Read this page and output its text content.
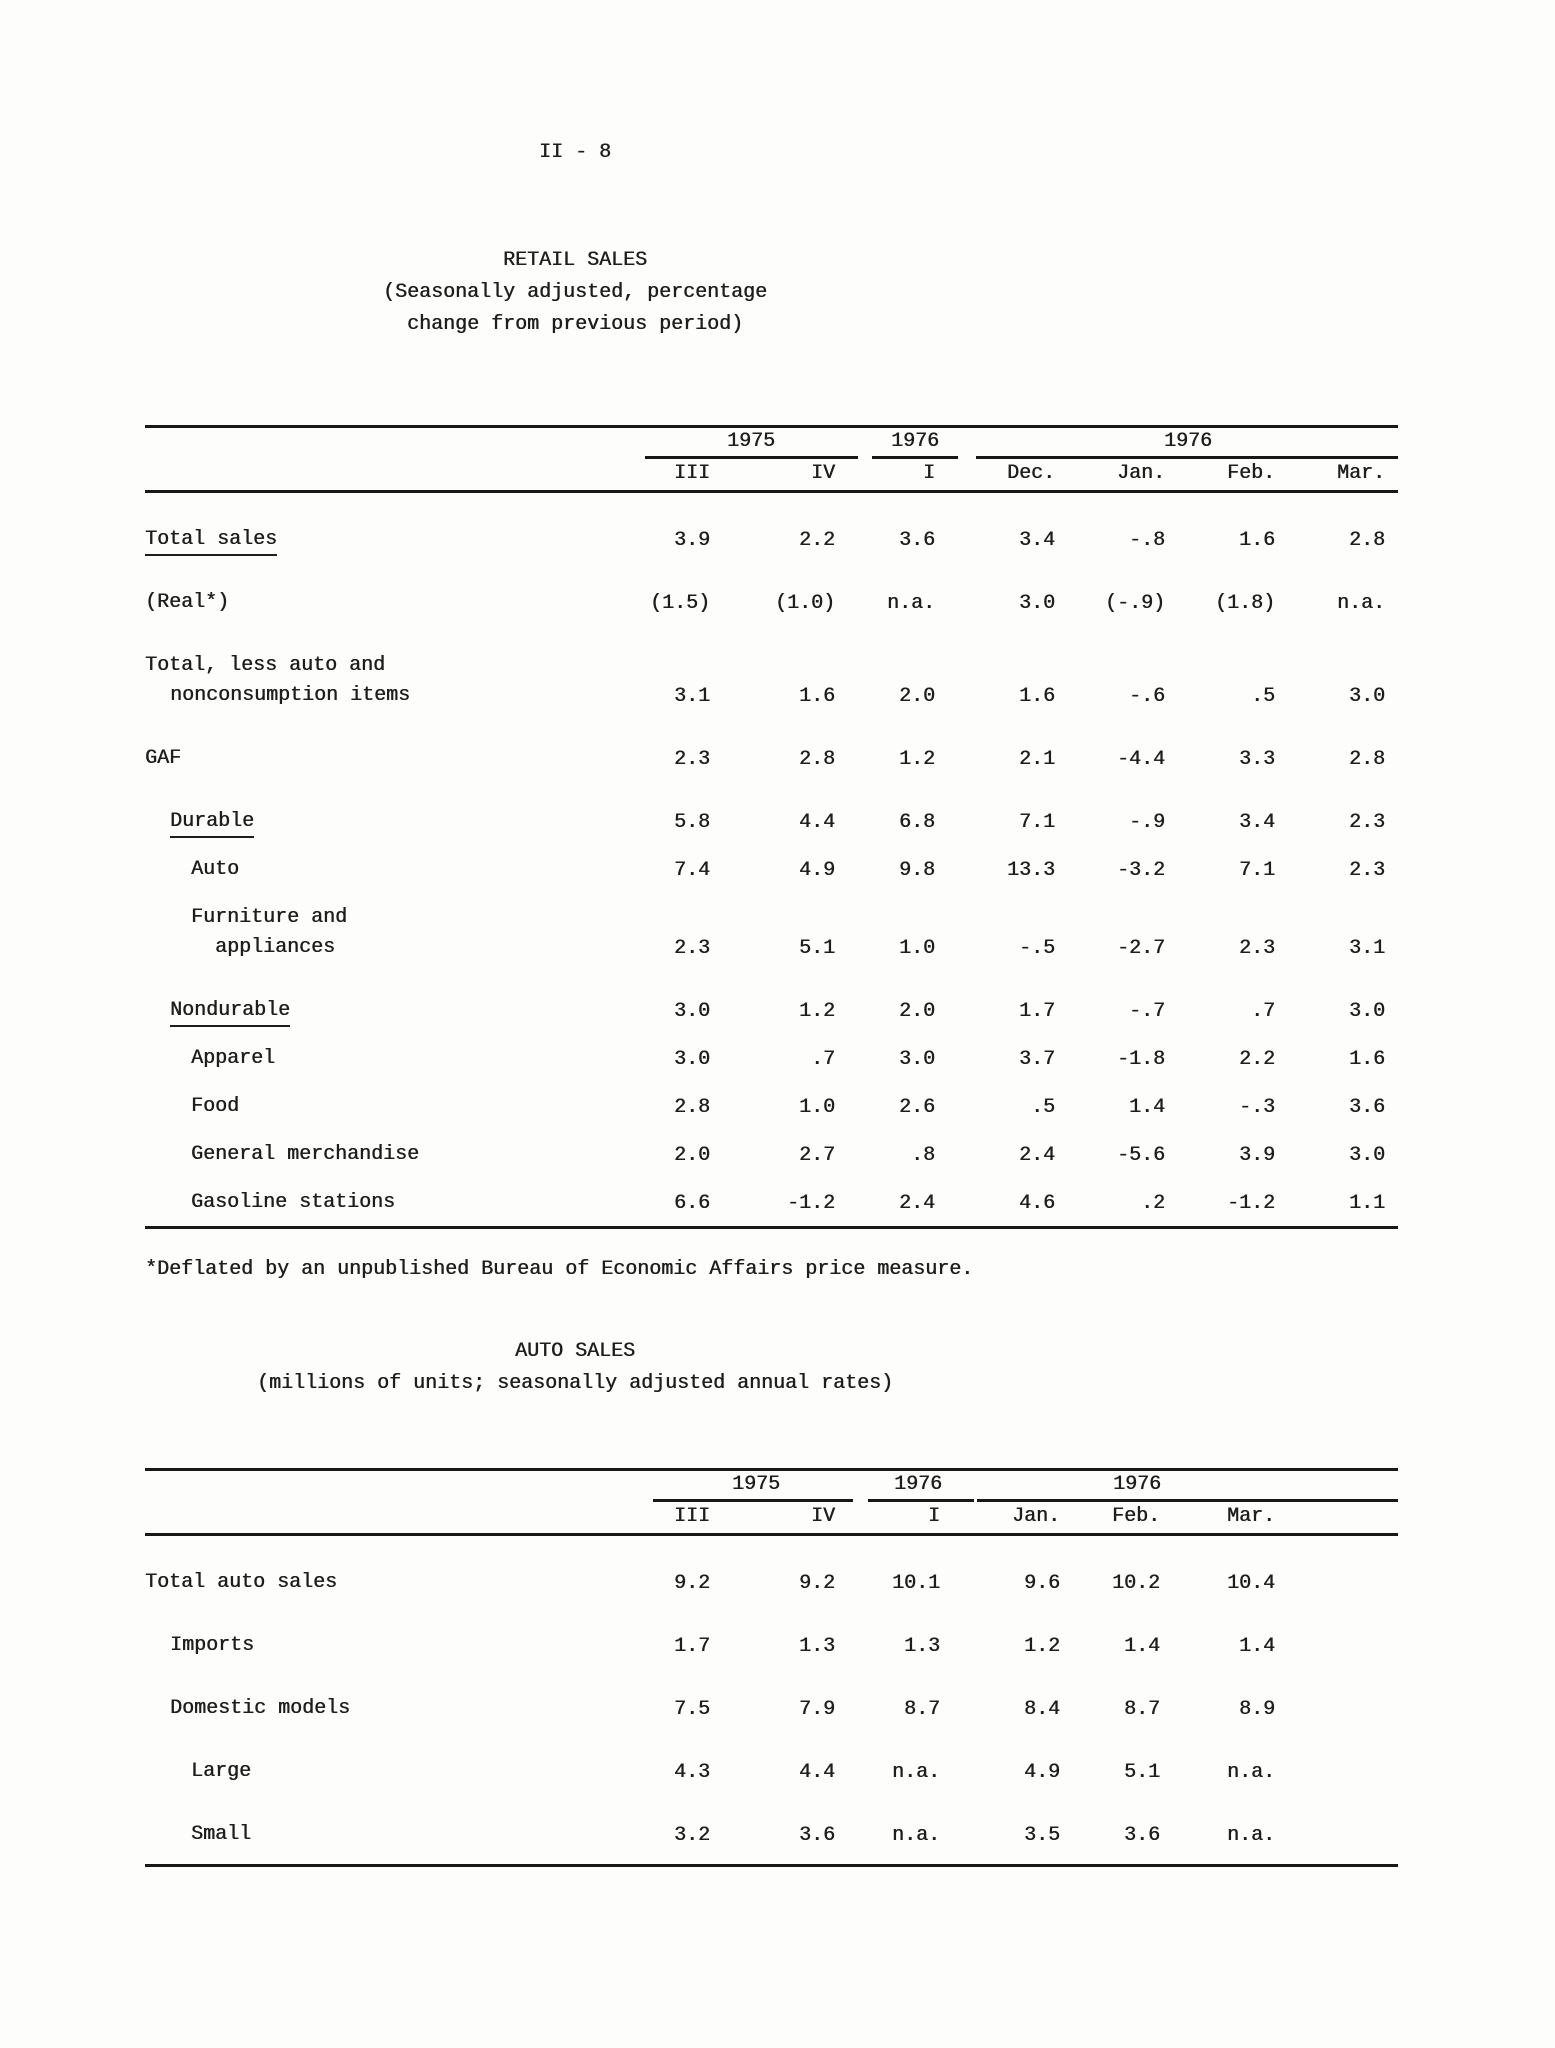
II - 8
RETAIL SALES
(Seasonally adjusted, percentage
change from previous period)
1975	1976	1976
III	IV	I	Dec.	Jan.	Feb.	Mar.
Total sales	3.9	2.2	3.6	3.4	-.8	1.6	2.8
(Real*)	(1.5)	(1.0)	n.a.	3.0	(-.9)	(1.8)	n.a.
Total, less auto and
nonconsumption items	3.1	1.6	2.0	1.6	-.6	.5	3.0
GAF	2.3	2.8	1.2	2.1	-4.4	3.3	2.8
Durable	5.8	4.4	6.8	7.1	-.9	3.4	2.3
Auto	7.4	4.9	9.8	13.3	-3.2	7.1	2.3
Furniture and
appliances	2.3	5.1	1.0	-.5	-2.7	2.3	3.1
Nondurable	3.0	1.2	2.0	1.7	-.7	.7	3.0
Apparel	3.0	.7	3.0	3.7	-1.8	2.2	1.6
Food	2.8	1.0	2.6	.5	1.4	-.3	3.6
General merchandise	2.0	2.7	.8	2.4	-5.6	3.9	3.0
Gasoline stations	6.6	-1.2	2.4	4.6	.2	-1.2	1.1
*Deflated by an unpublished Bureau of Economic Affairs price measure.
AUTO SALES
(millions of units; seasonally adjusted annual rates)
1975	1976	1976
III	IV	I	Jan.	Feb.	Mar.
Total auto sales	9.2	9.2	10.1	9.6	10.2	10.4
Imports	1.7	1.3	1.3	1.2	1.4	1.4
Domestic models	7.5	7.9	8.7	8.4	8.7	8.9
Large	4.3	4.4	n.a.	4.9	5.1	n.a.
Small	3.2	3.6	n.a.	3.5	3.6	n.a.
